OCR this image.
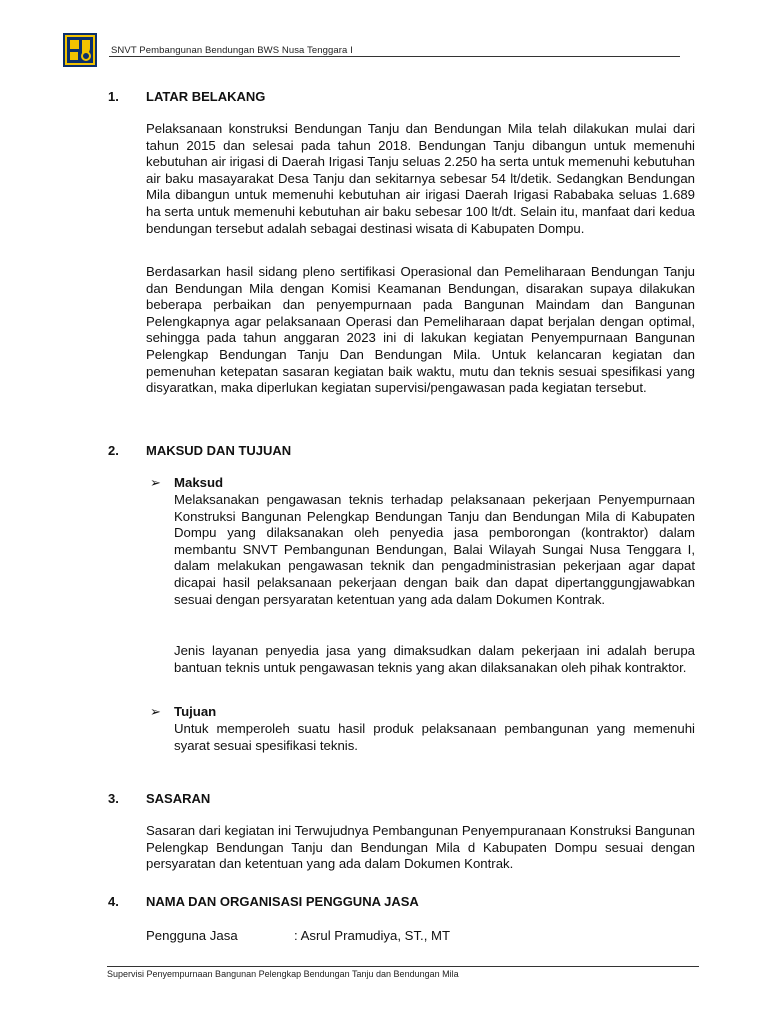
SNVT Pembangunan Bendungan BWS Nusa Tenggara I
1. LATAR BELAKANG

Pelaksanaan konstruksi Bendungan Tanju dan Bendungan Mila telah dilakukan mulai dari tahun 2015 dan selesai pada tahun 2018. Bendungan Tanju dibangun untuk memenuhi kebutuhan air irigasi di Daerah Irigasi Tanju seluas 2.250 ha serta untuk memenuhi kebutuhan air baku masayarakat Desa Tanju dan sekitarnya sebesar 54 lt/detik. Sedangkan Bendungan Mila dibangun untuk memenuhi kebutuhan air irigasi Daerah Irigasi Rababaka seluas 1.689 ha serta untuk memenuhi kebutuhan air baku sebesar 100 lt/dt. Selain itu, manfaat dari kedua bendungan tersebut adalah sebagai destinasi wisata di Kabupaten Dompu.

Berdasarkan hasil sidang pleno sertifikasi Operasional dan Pemeliharaan Bendungan Tanju dan Bendungan Mila dengan Komisi Keamanan Bendungan, disarakan supaya dilakukan beberapa perbaikan dan penyempurnaan pada Bangunan Maindam dan Bangunan Pelengkapnya agar pelaksanaan Operasi dan Pemeliharaan dapat berjalan dengan optimal, sehingga pada tahun anggaran 2023 ini di lakukan kegiatan Penyempurnaan Bangunan Pelengkap Bendungan Tanju Dan Bendungan Mila. Untuk kelancaran kegiatan dan pemenuhan ketepatan sasaran kegiatan baik waktu, mutu dan teknis sesuai spesifikasi yang disyaratkan, maka diperlukan kegiatan supervisi/pengawasan pada kegiatan tersebut.

2. MAKSUD DAN TUJUAN
➢ Maksud

Melaksanakan pengawasan teknis terhadap pelaksanaan pekerjaan Penyempurnaan Konstruksi Bangunan Pelengkap Bendungan Tanju dan Bendungan Mila di Kabupaten Dompu yang dilaksanakan oleh penyedia jasa pemborongan (kontraktor) dalam membantu SNVT Pembangunan Bendungan, Balai Wilayah Sungai Nusa Tenggara I, dalam melakukan pengawasan teknik dan pengadministrasian pekerjaan agar dapat dicapai hasil pelaksanaan pekerjaan dengan baik dan dapat dipertanggungjawabkan sesuai dengan persyaratan ketentuan yang ada dalam Dokumen Kontrak.

Jenis layanan penyedia jasa yang dimaksudkan dalam pekerjaan ini adalah berupa bantuan teknis untuk pengawasan teknis yang akan dilaksanakan oleh pihak kontraktor.

➢ Tujuan

Untuk memperoleh suatu hasil produk pelaksanaan pembangunan yang memenuhi syarat sesuai spesifikasi teknis.

3. SASARAN

Sasaran dari kegiatan ini Terwujudnya Pembangunan Penyempuranaan Konstruksi Bangunan Pelengkap Bendungan Tanju dan Bendungan Mila d Kabupaten Dompu sesuai dengan persyaratan dan ketentuan yang ada dalam Dokumen Kontrak.

4. NAMA DAN ORGANISASI PENGGUNA JASA
Pengguna Jasa	: Asrul Pramudiya, ST., MT
Supervisi Penyempurnaan Bangunan Pelengkap Bendungan Tanju dan Bendungan Mila
